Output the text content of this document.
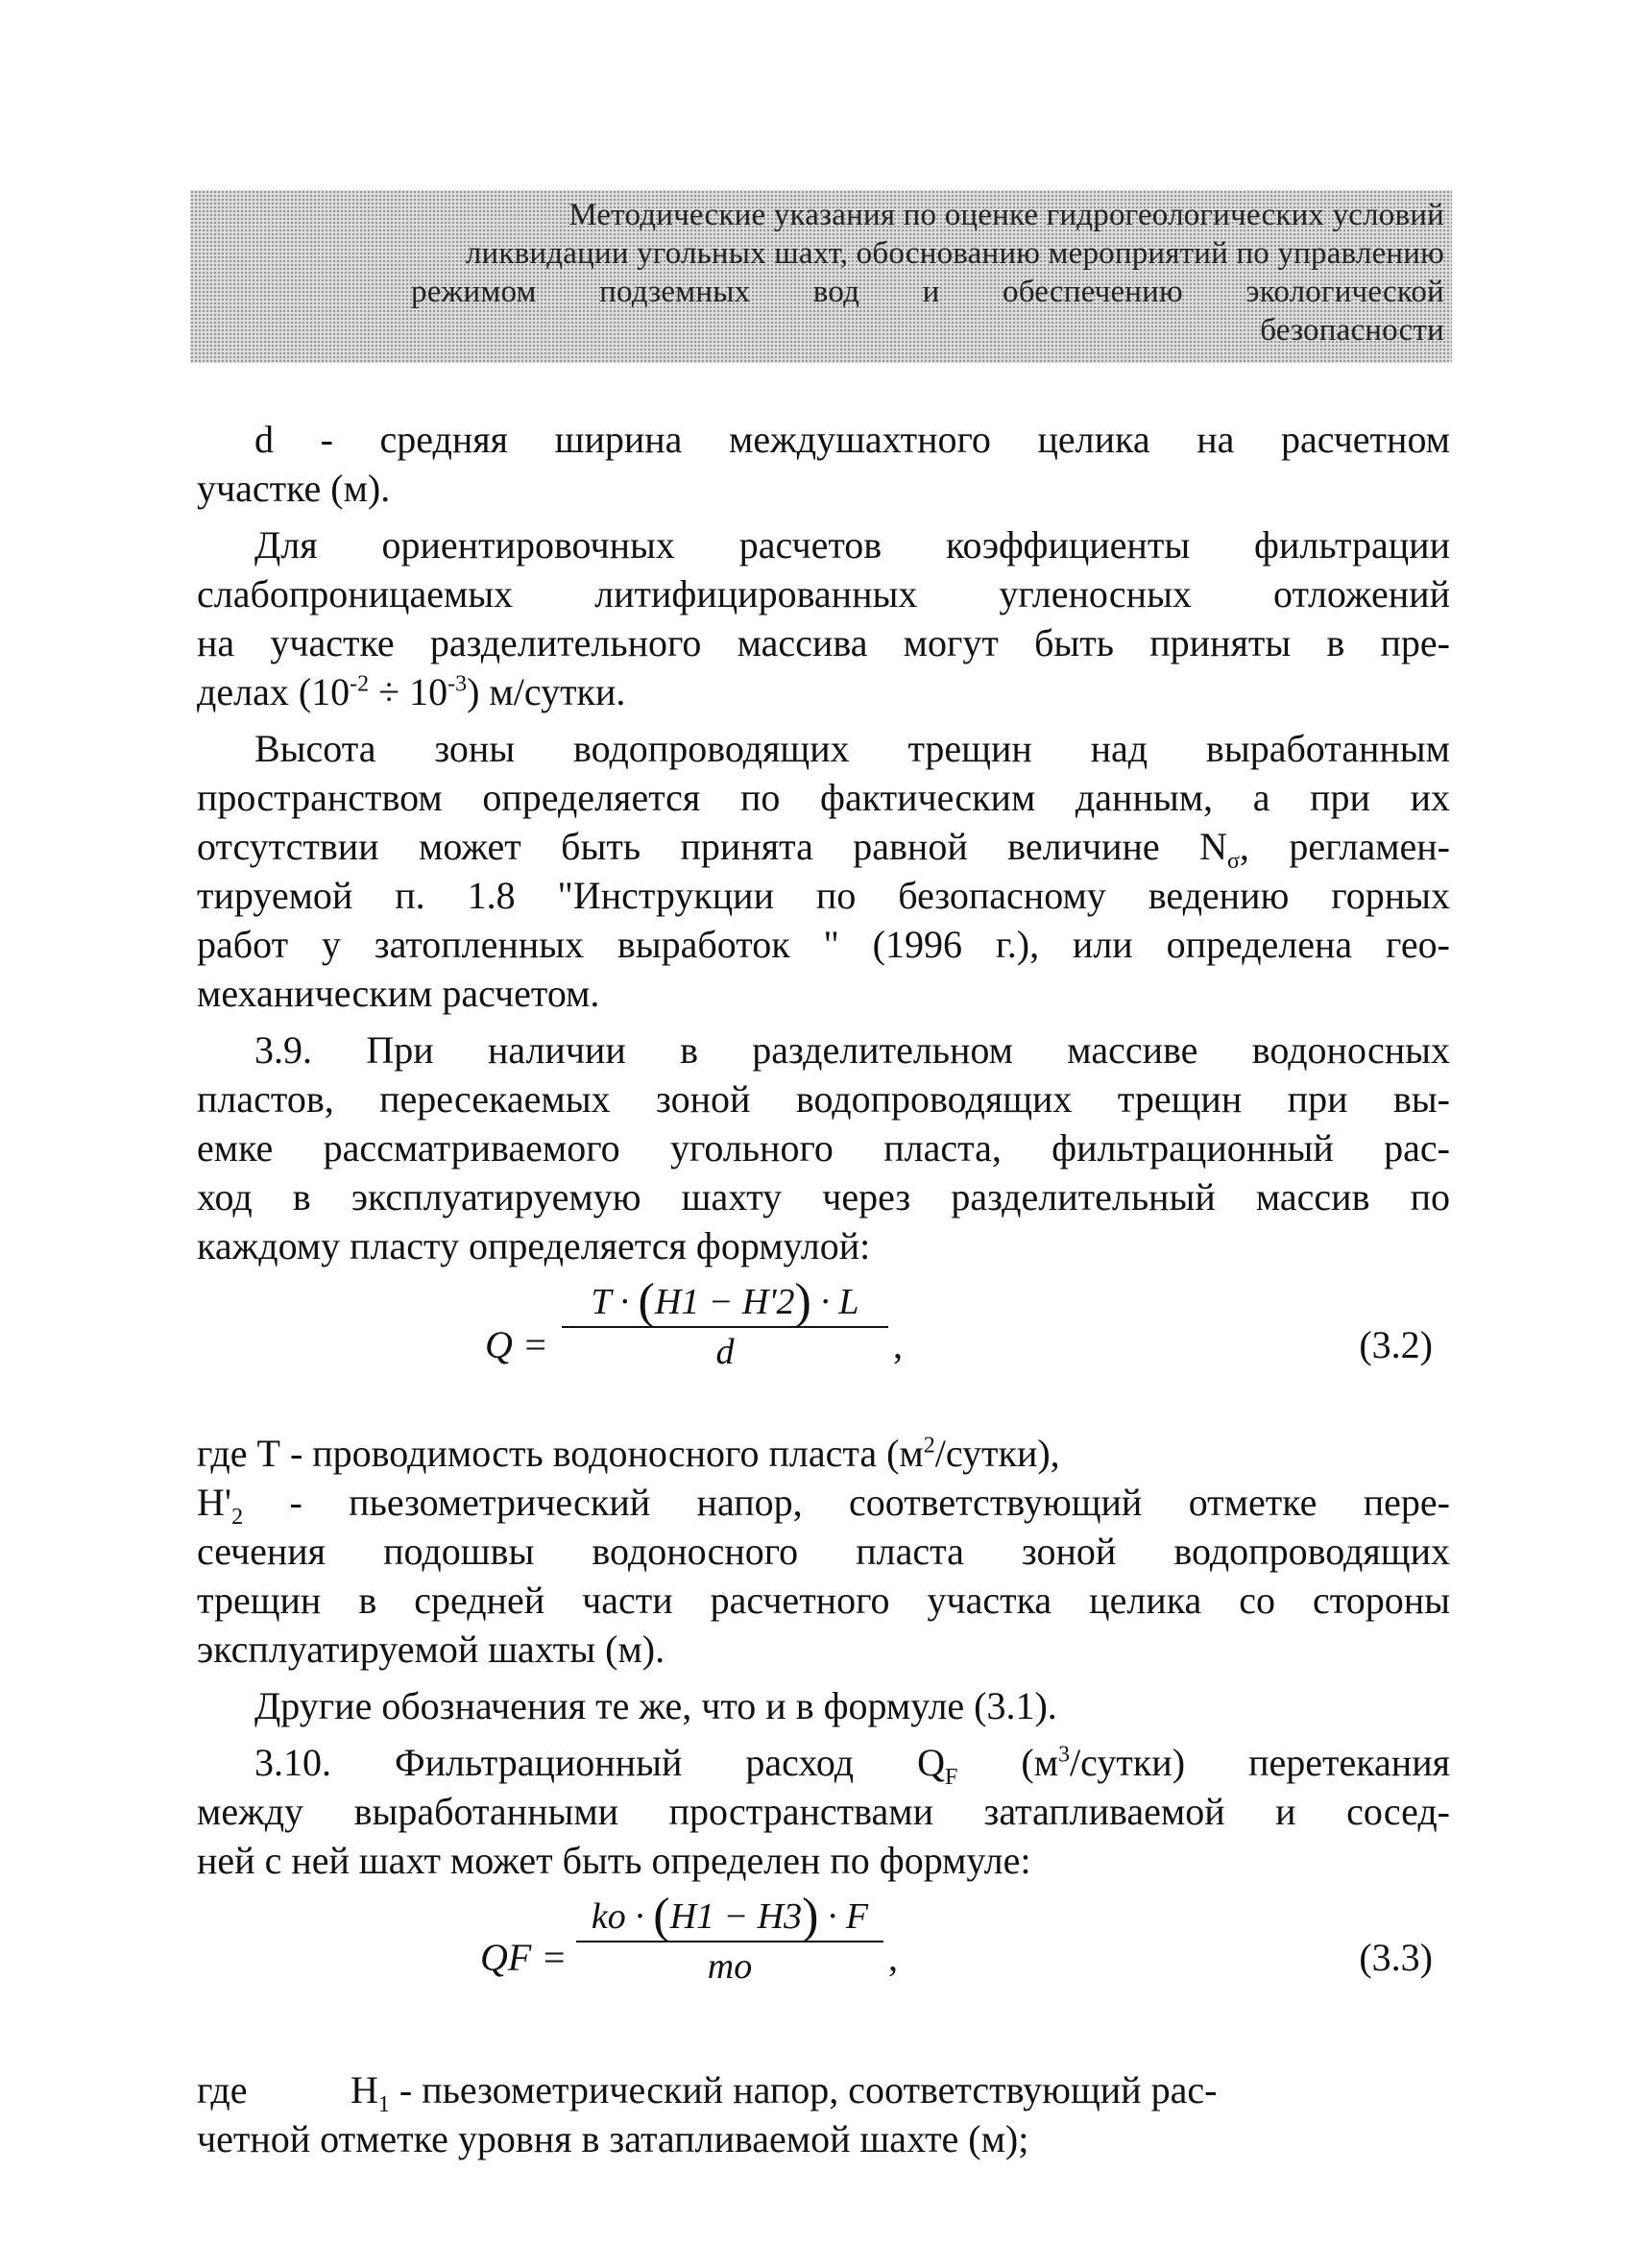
Методические указания по оценке гидрогеологических условий
ликвидации угольных шахт, обоснованию мероприятий по управлению
режимом подземных вод и обеспечению экологической
безопасности
d - средняя ширина междушахтного целика на расчетном
участке (м).
Для ориентировочных расчетов коэффициенты фильтрации
слабопроницаемых литифицированных угленосных отложений
на участке разделительного массива могут быть приняты в пре-
делах $(10^{-2} \div 10^{-3})$ м/сутки.
Высота зоны водопроводящих трещин над выработанным
пространством определяется по фактическим данным, а при их
отсутствии может быть принята равной величине $N_\sigma$, регламен-
тируемой п. 1.8 "Инструкции по безопасному ведению горных
работ у затопленных выработок " (1996 г.), или определена гео-
механическим расчетом.
3.9. При наличии в разделительном массиве водоносных
пластов, пересекаемых зоной водопроводящих трещин при вы-
емке рассматриваемого угольного пласта, фильтрационный рас-
ход в эксплуатируемую шахту через разделительный массив по
каждому пласту определяется формулой:
Q =
T · (H1 − H'2) · L
d	,	(3.2)
где Т - проводимость водоносного пласта $(м^2/сутки)$,
$Н'_2$ - пьезометрический напор, соответствующий отметке пере-
сечения подошвы водоносного пласта зоной водопроводящих
трещин в средней части расчетного участка целика со стороны
эксплуатируемой шахты (м).
Другие обозначения те же, что и в формуле (3.1).
3.10. Фильтрационный расход $Q_F$ $(м^3/сутки)$ перетекания
между выработанными пространствами затапливаемой и сосед-
ней с ней шахт может быть определен по формуле:
QF =
ko · (H1 − H3) · F
mo	,	(3.3)
где	$H_1$ - пьезометрический напор, соответствующий рас-
четной отметке уровня в затапливаемой шахте (м);
